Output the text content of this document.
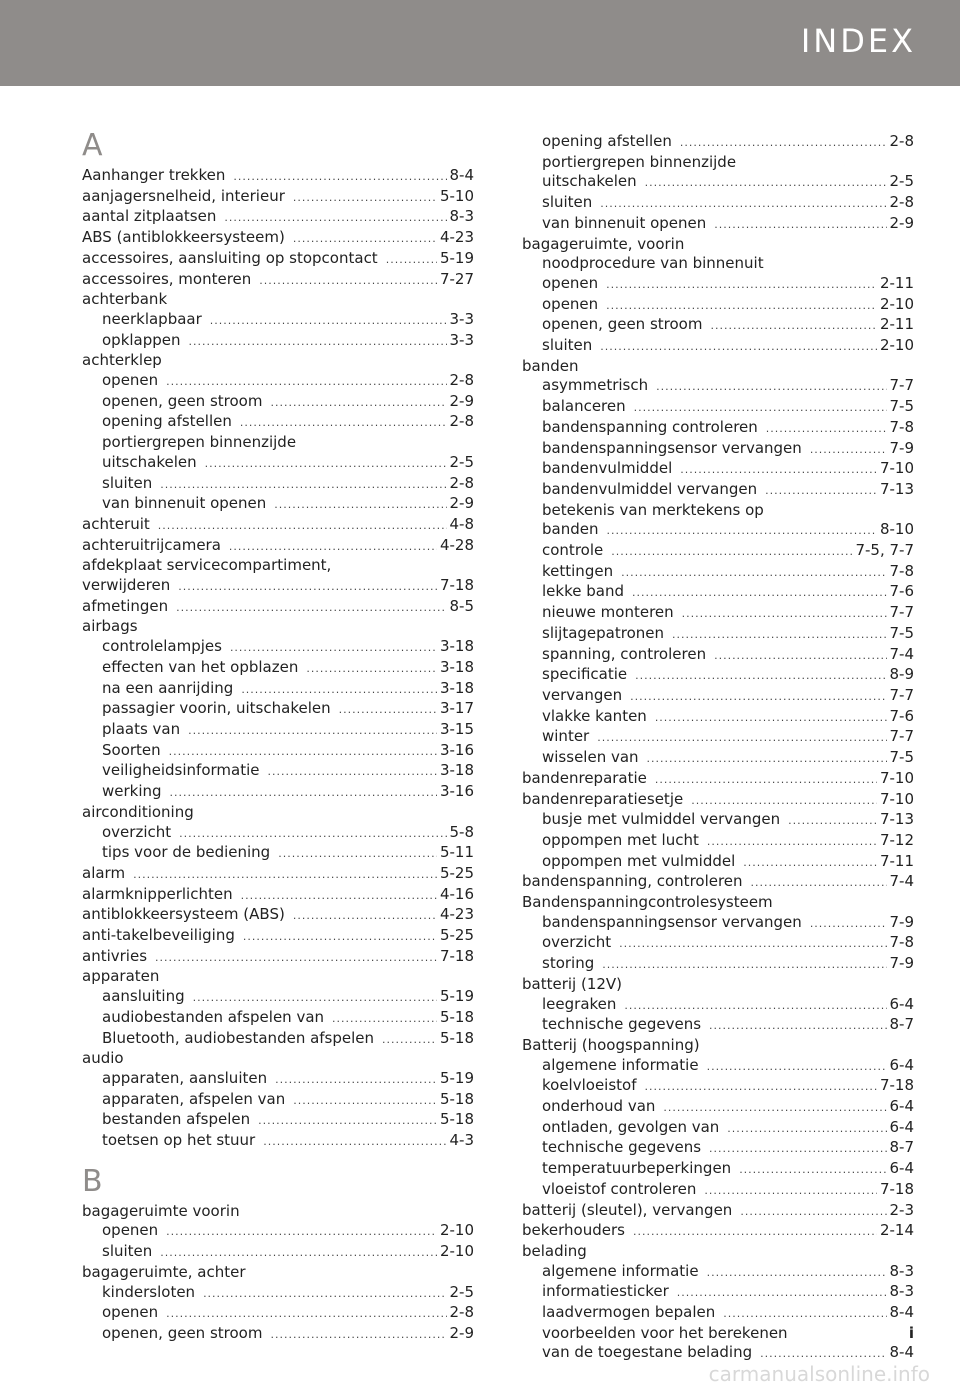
INDEX
A
Aanhanger trekken .....	8-4
aanjagersnelheid, interieur .....	5-10
aantal zitplaatsen .....	8-3
ABS (antiblokkeersysteem) .....	4-23
accessoires, aansluiting op stopcontact .....	5-19
accessoires, monteren .....	7-27
achterbank
neerklapbaar .....	3-3
opklappen .....	3-3
achterklep
openen .....	2-8
openen, geen stroom .....	2-9
opening afstellen .....	2-8
portiergrepen binnenzijde
uitschakelen .....	2-5
sluiten .....	2-8
van binnenuit openen .....	2-9
achteruit .....	4-8
achteruitrijcamera .....	4-28
afdekplaat servicecompartiment,
verwijderen .....	7-18
afmetingen .....	8-5
airbags
controlelampjes .....	3-18
effecten van het opblazen .....	3-18
na een aanrijding .....	3-18
passagier voorin, uitschakelen .....	3-17
plaats van .....	3-15
Soorten .....	3-16
veiligheidsinformatie .....	3-18
werking .....	3-16
airconditioning
overzicht .....	5-8
tips voor de bediening .....	5-11
alarm .....	5-25
alarmknipperlichten .....	4-16
antiblokkeersysteem (ABS) .....	4-23
anti-takelbeveiliging .....	5-25
antivries .....	7-18
apparaten
aansluiting .....	5-19
audiobestanden afspelen van .....	5-18
Bluetooth, audiobestanden afspelen .....	5-18
audio
apparaten, aansluiten .....	5-19
apparaten, afspelen van .....	5-18
bestanden afspelen .....	5-18
toetsen op het stuur .....	4-3
B
bagageruimte voorin
openen .....	2-10
sluiten .....	2-10
bagageruimte, achter
kindersloten .....	2-5
openen .....	2-8
openen, geen stroom .....	2-9
opening afstellen .....	2-8
portiergrepen binnenzijde
uitschakelen .....	2-5
sluiten .....	2-8
van binnenuit openen .....	2-9
bagageruimte, voorin
noodprocedure van binnenuit
openen .....	2-11
openen .....	2-10
openen, geen stroom .....	2-11
sluiten .....	2-10
banden
asymmetrisch .....	7-7
balanceren .....	7-5
bandenspanning controleren .....	7-8
bandenspanningsensor vervangen .....	7-9
bandenvulmiddel .....	7-10
bandenvulmiddel vervangen .....	7-13
betekenis van merktekens op
banden .....	8-10
controle .....	7-5, 7-7
kettingen .....	7-8
lekke band .....	7-6
nieuwe monteren .....	7-7
slijtagepatronen .....	7-5
spanning, controleren .....	7-4
specificatie .....	8-9
vervangen .....	7-7
vlakke kanten .....	7-6
winter .....	7-7
wisselen van .....	7-5
bandenreparatie .....	7-10
bandenreparatiesetje .....	7-10
busje met vulmiddel vervangen .....	7-13
oppompen met lucht .....	7-12
oppompen met vulmiddel .....	7-11
bandenspanning, controleren .....	7-4
Bandenspanningcontrolesysteem
bandenspanningsensor vervangen .....	7-9
overzicht .....	7-8
storing .....	7-9
batterij (12V)
leegraken .....	6-4
technische gegevens .....	8-7
Batterij (hoogspanning)
algemene informatie .....	6-4
koelvloeistof .....	7-18
onderhoud van .....	6-4
ontladen, gevolgen van .....	6-4
technische gegevens .....	8-7
temperatuurbeperkingen .....	6-4
vloeistof controleren .....	7-18
batterij (sleutel), vervangen .....	2-3
bekerhouders .....	2-14
belading
algemene informatie .....	8-3
informatiesticker .....	8-3
laadvermogen bepalen .....	8-4
voorbeelden voor het berekenen
van de toegestane belading .....	8-4
i
carmanualsonline.info
